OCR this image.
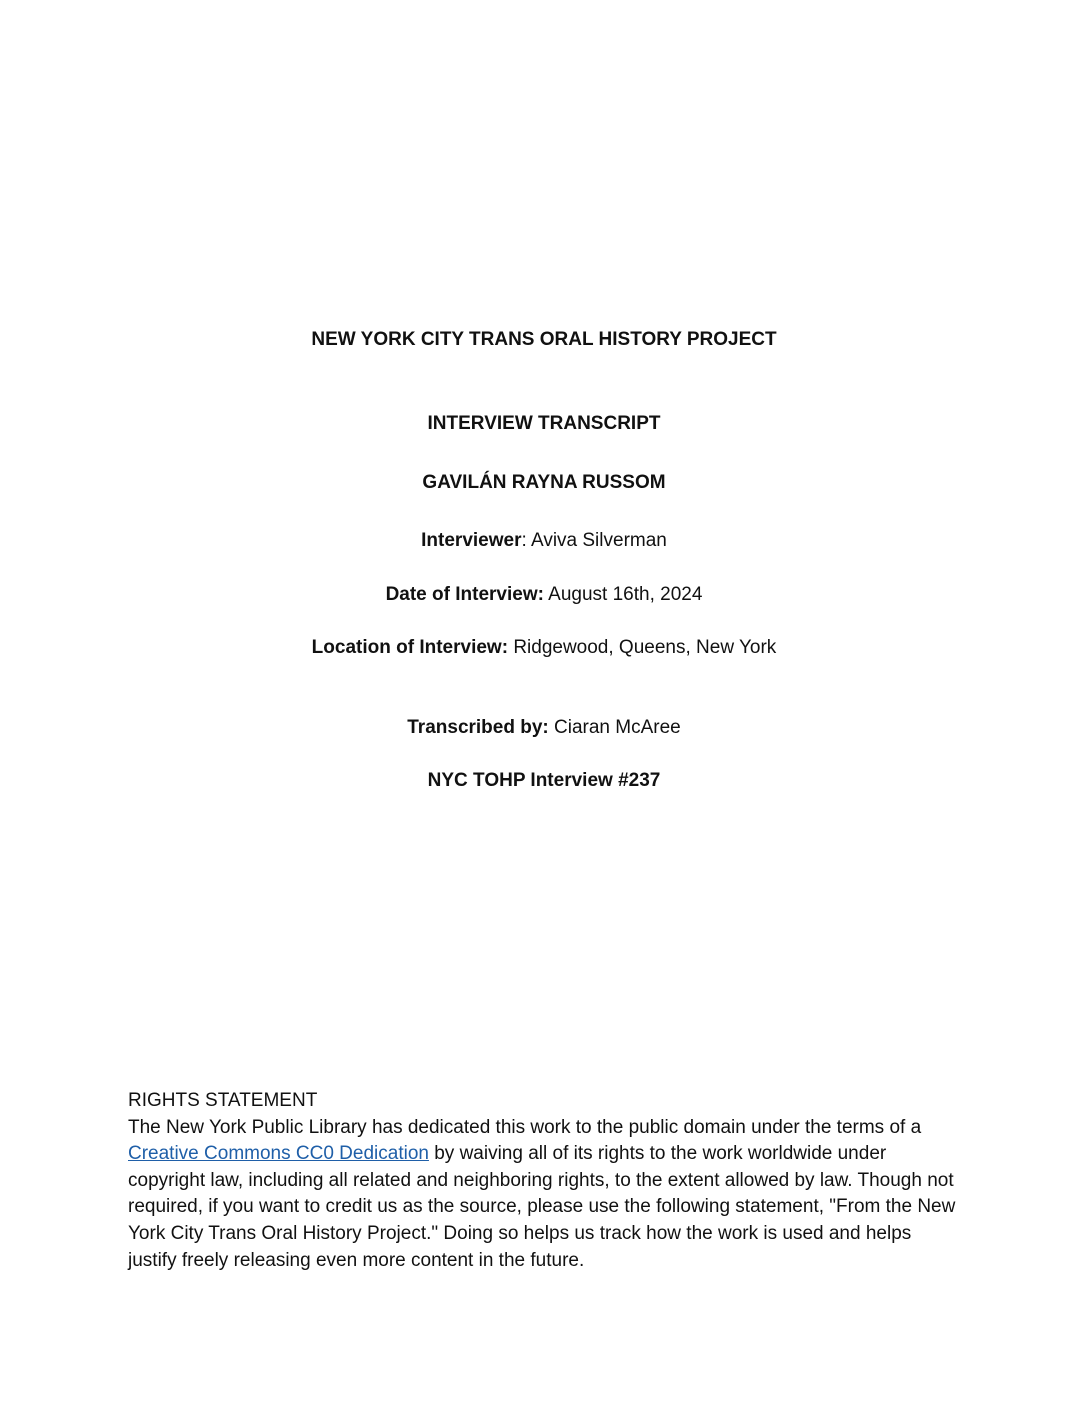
NEW YORK CITY TRANS ORAL HISTORY PROJECT
INTERVIEW TRANSCRIPT
GAVILÁN RAYNA RUSSOM
Interviewer: Aviva Silverman
Date of Interview: August 16th, 2024
Location of Interview: Ridgewood, Queens, New York
Transcribed by: Ciaran McAree
NYC TOHP Interview #237
RIGHTS STATEMENT
The New York Public Library has dedicated this work to the public domain under the terms of a Creative Commons CC0 Dedication by waiving all of its rights to the work worldwide under copyright law, including all related and neighboring rights, to the extent allowed by law. Though not required, if you want to credit us as the source, please use the following statement, "From the New York City Trans Oral History Project." Doing so helps us track how the work is used and helps justify freely releasing even more content in the future.
